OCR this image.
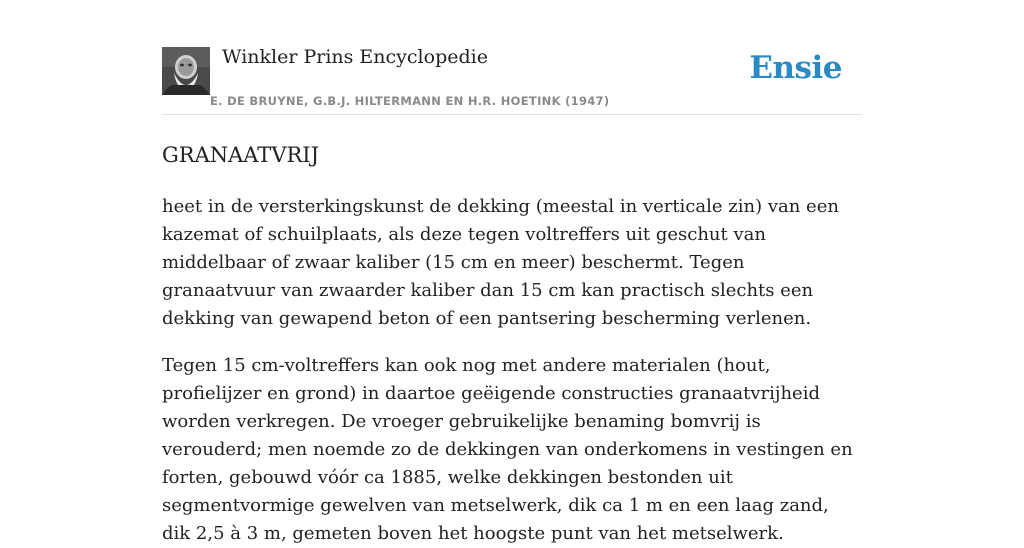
Winkler Prins Encyclopedie	Ensie
E. DE BRUYNE, G.B.J. HILTERMANN EN H.R. HOETINK (1947)
GRANAATVRIJ

heet in de versterkingskunst de dekking (meestal in verticale zin) van een kazemat of schuilplaats, als deze tegen voltreffers uit geschut van middelbaar of zwaar kaliber (15 cm en meer) beschermt. Tegen granaatvuur van zwaarder kaliber dan 15 cm kan practisch slechts een dekking van gewapend beton of een pantsering bescherming verlenen.

Tegen 15 cm-voltreffers kan ook nog met andere materialen (hout, profielijzer en grond) in daartoe geëigende constructies granaatvrijheid worden verkregen. De vroeger gebruikelijke benaming bomvrij is verouderd; men noemde zo de dekkingen van onderkomens in vestingen en forten, gebouwd vóór ca 1885, welke dekkingen bestonden uit segmentvormige gewelven van metselwerk, dik ca 1 m en een laag zand, dik 2,5 à 3 m, gemeten boven het hoogste punt van het metselwerk.
